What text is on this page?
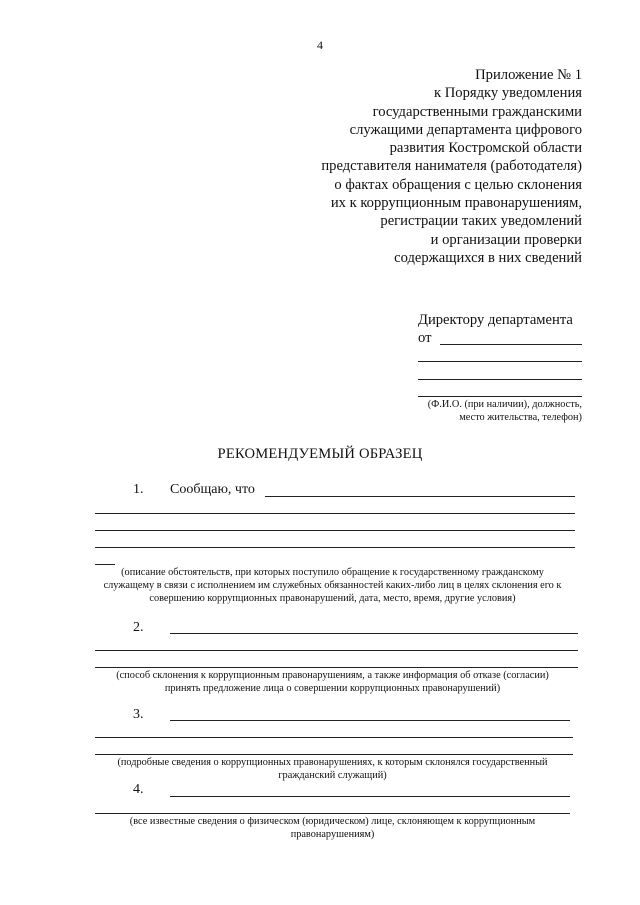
4
Приложение № 1
к Порядку уведомления
государственными гражданскими
служащими департамента цифрового
развития Костромской области
представителя нанимателя (работодателя)
о фактах обращения с целью склонения
их к коррупционным правонарушениям,
регистрации таких уведомлений
и организации проверки
содержащихся в них сведений
Директору департамента
от
(Ф.И.О. (при наличии), должность,
место жительства, телефон)
РЕКОМЕНДУЕМЫЙ ОБРАЗЕЦ
1. Сообщаю, что
(описание обстоятельств, при которых поступило обращение к государственному гражданскому
служащему в связи с исполнением им служебных обязанностей каких-либо лиц в целях склонения его к
совершению коррупционных правонарушений, дата, место, время, другие условия)
2.
(способ склонения к коррупционным правонарушениям, а также информация об отказе (согласии)
принять предложение лица о совершении коррупционных правонарушений)
3.
(подробные сведения о коррупционных правонарушениях, к которым склонялся государственный
гражданский служащий)
4.
(все известные сведения о физическом (юридическом) лице, склоняющем к коррупционным
правонарушениям)
